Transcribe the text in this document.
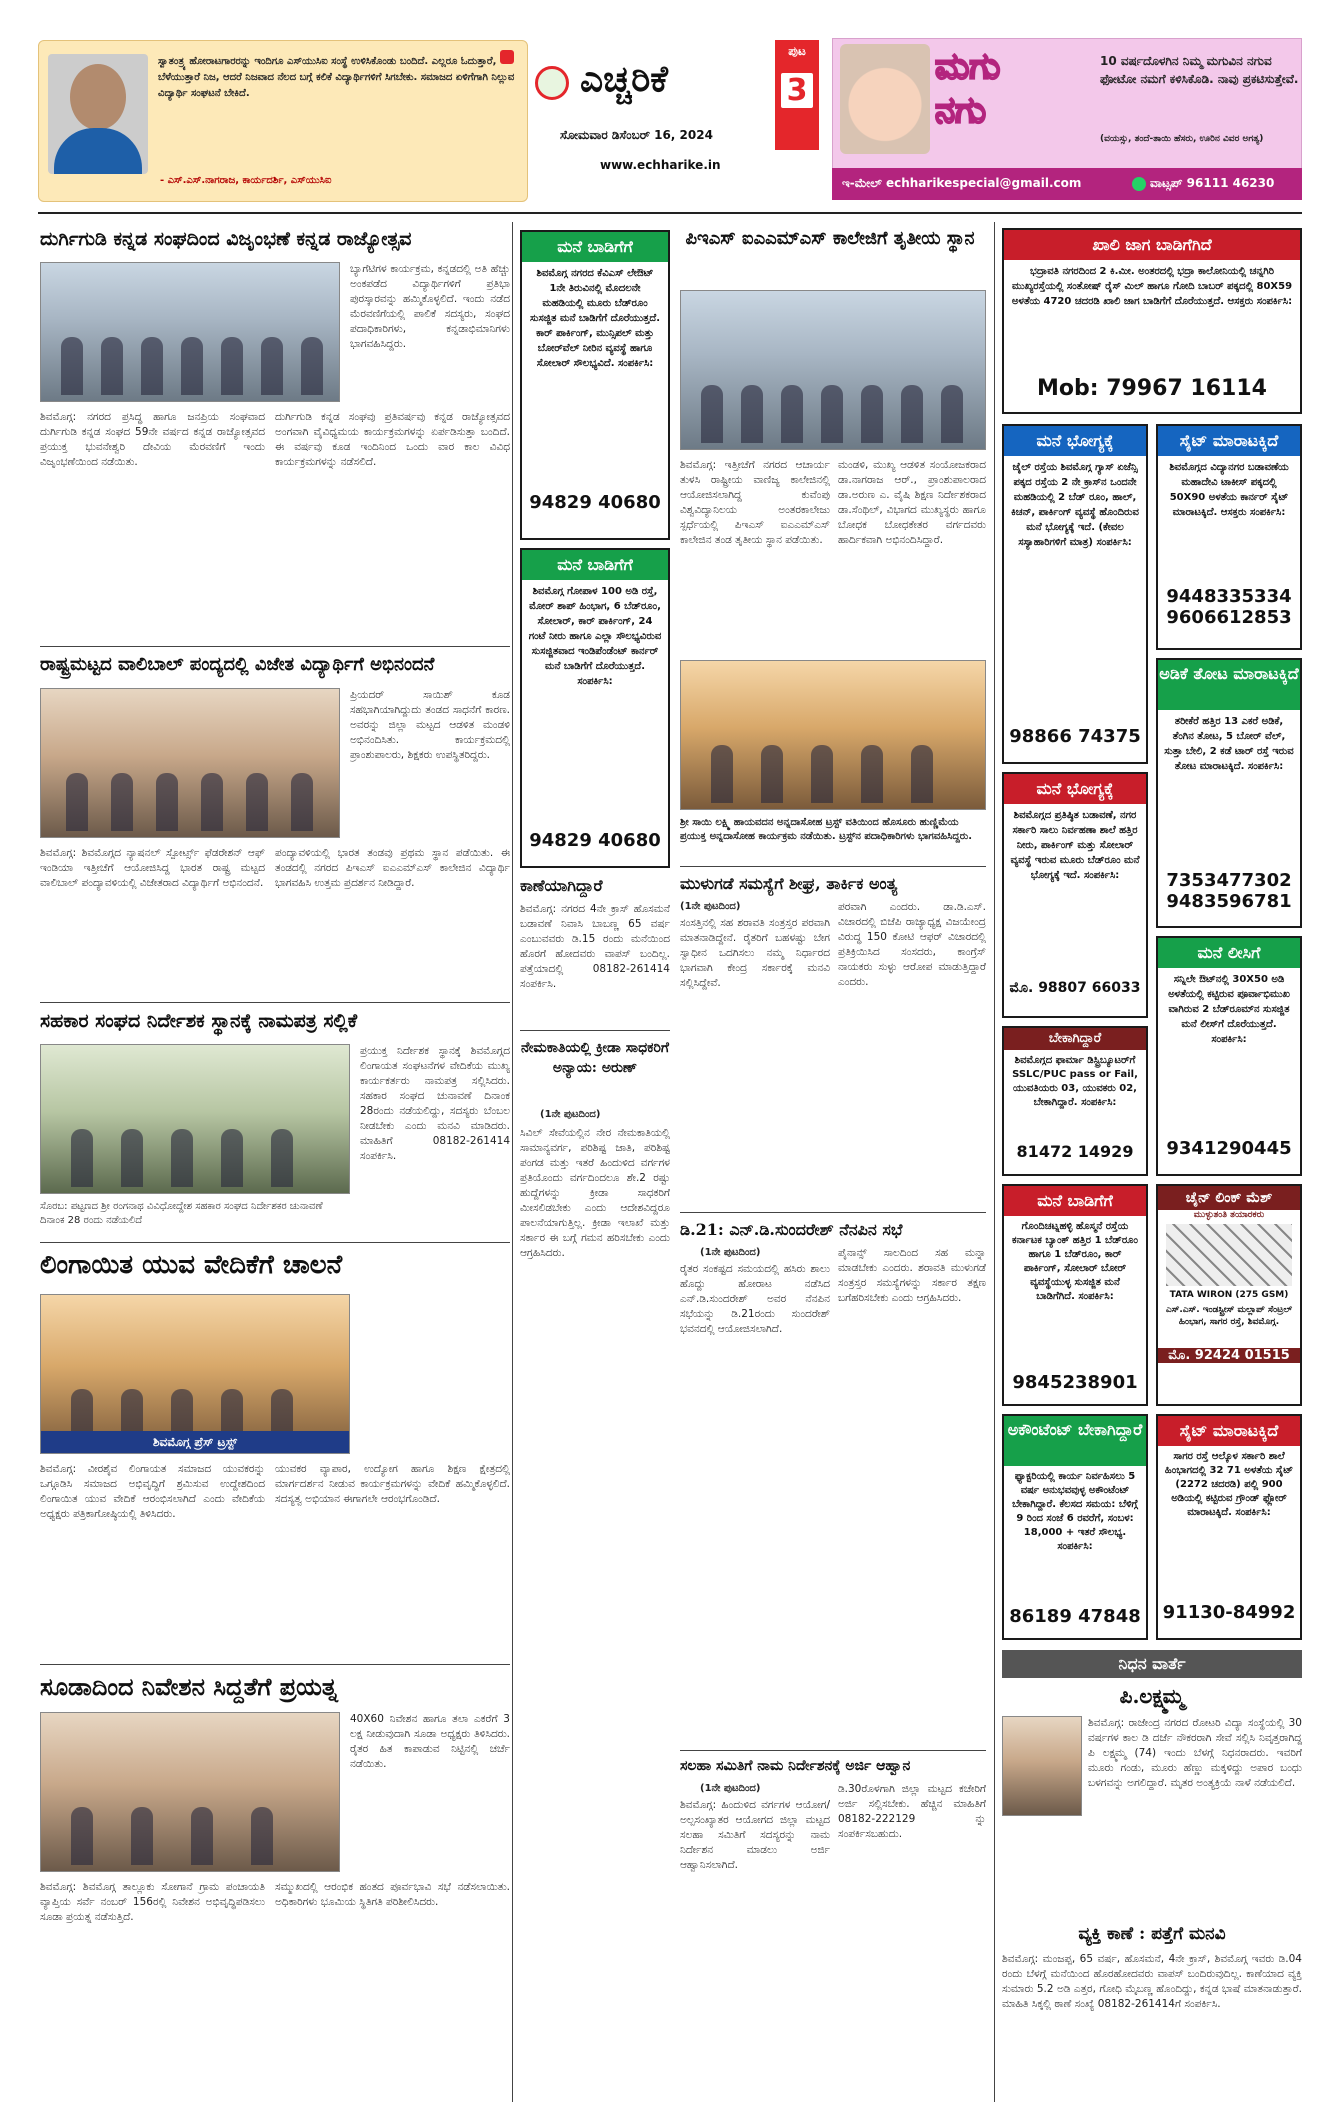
ಸ್ವಾತಂತ್ರ್ಯ ಹೋರಾಟಗಾರರನ್ನು ಇಂದಿಗೂ ಎಸ್‌ಯುಸಿಐ ಸಂಸ್ಥೆ ಉಳಿಸಿಕೊಂಡು ಬಂದಿದೆ. ಎಲ್ಲರೂ ಓದುತ್ತಾರೆ, ಬೆಳೆಯುತ್ತಾರೆ ನಿಜ, ಆದರೆ ನಿಜವಾದ ನೆಲದ ಬಗ್ಗೆ ಕಲಿಕೆ ವಿದ್ಯಾರ್ಥಿಗಳಿಗೆ ಸಿಗಬೇಕು. ಸಮಾಜದ ಏಳಿಗೆಗಾಗಿ ನಿಲ್ಲುವ ವಿದ್ಯಾರ್ಥಿ ಸಂಘಟನೆ ಬೇಕಿದೆ.
- ಎಸ್.ಎಸ್.ನಾಗರಾಜ, ಕಾರ್ಯದರ್ಶಿ, ಎಸ್‌ಯುಸಿಐ
ಎಚ್ಚರಿಕೆ
ಸೋಮವಾರ ಡಿಸೆಂಬರ್ 16, 2024
www.echharike.in
ಪುಟ
3
ಮಗು
ನಗು
10 ವರ್ಷದೊಳಗಿನ ನಿಮ್ಮ ಮಗುವಿನ ನಗುವ ಫೋಟೋ ನಮಗೆ ಕಳಿಸಿಕೊಡಿ. ನಾವು ಪ್ರಕಟಿಸುತ್ತೇವೆ.
(ವಯಸ್ಸು, ತಂದೆ-ತಾಯಿ ಹೆಸರು, ಊರಿನ ವಿವರ ಅಗತ್ಯ)
ಇ-ಮೇಲ್ echharikespecial@gmail.com	ವಾಟ್ಸಪ್ 96111 46230
ದುರ್ಗಿಗುಡಿ ಕನ್ನಡ ಸಂಘದಿಂದ ವಿಜೃಂಭಣೆ ಕನ್ನಡ ರಾಜ್ಯೋತ್ಸವ
ಬ್ಯಾಗೆಟಿಗಳ ಕಾರ್ಯಕ್ರಮ, ಕನ್ನಡದಲ್ಲಿ ಅತಿ ಹೆಚ್ಚು ಅಂಕಪಡೆದ ವಿದ್ಯಾರ್ಥಿಗಳಿಗೆ ಪ್ರತಿಭಾ ಪುರಸ್ಕಾರವನ್ನು ಹಮ್ಮಿಕೊಳ್ಳಲಿದೆ. ಇಂದು ನಡೆದ ಮೆರವಣಿಗೆಯಲ್ಲಿ ಪಾಲಿಕೆ ಸದಸ್ಯರು, ಸಂಘದ ಪದಾಧಿಕಾರಿಗಳು, ಕನ್ನಡಾಭಿಮಾನಿಗಳು ಭಾಗವಹಿಸಿದ್ದರು.
ಶಿವಮೊಗ್ಗ: ನಗರದ ಪ್ರಸಿದ್ಧ ಹಾಗೂ ಜನಪ್ರಿಯ ಸಂಘವಾದ ದುರ್ಗಿಗುಡಿ ಕನ್ನಡ ಸಂಘದ 59ನೇ ವರ್ಷದ ಕನ್ನಡ ರಾಜ್ಯೋತ್ಸವದ ಪ್ರಯುಕ್ತ ಭುವನೇಶ್ವರಿ ದೇವಿಯ ಮೆರವಣಿಗೆ ಇಂದು ವಿಜೃಂಭಣೆಯಿಂದ ನಡೆಯಿತು.
ದುರ್ಗಿಗುಡಿ ಕನ್ನಡ ಸಂಘವು ಪ್ರತಿವರ್ಷವು ಕನ್ನಡ ರಾಜ್ಯೋತ್ಸವದ ಅಂಗವಾಗಿ ವೈವಿಧ್ಯಮಯ ಕಾರ್ಯಕ್ರಮಗಳನ್ನು ಏರ್ಪಡಿಸುತ್ತಾ ಬಂದಿದೆ. ಈ ವರ್ಷವು ಕೂಡ ಇಂದಿನಿಂದ ಒಂದು ವಾರ ಕಾಲ ವಿವಿಧ ಕಾರ್ಯಕ್ರಮಗಳನ್ನು ನಡೆಸಲಿದೆ.
ರಾಷ್ಟ್ರಮಟ್ಟದ ವಾಲಿಬಾಲ್ ಪಂದ್ಯದಲ್ಲಿ ವಿಜೇತ ವಿದ್ಯಾರ್ಥಿಗೆ ಅಭಿನಂದನೆ
ಪ್ರಿಯದರ್ ಸಾಯಿಶ್ ಕೂಡ ಸಹಭಾಗಿಯಾಗಿದ್ದುದು ತಂಡದ ಸಾಧನೆಗೆ ಕಾರಣ. ಅವರನ್ನು ಜಿಲ್ಲಾ ಮಟ್ಟದ ಆಡಳಿತ ಮಂಡಳಿ ಅಭಿನಂದಿಸಿತು. ಕಾರ್ಯಕ್ರಮದಲ್ಲಿ ಪ್ರಾಂಶುಪಾಲರು, ಶಿಕ್ಷಕರು ಉಪಸ್ಥಿತರಿದ್ದರು.
ಶಿವಮೊಗ್ಗ: ಶಿವಮೊಗ್ಗದ ನ್ಯಾಷನಲ್ ಸ್ಪೋರ್ಟ್ಸ್ ಫೆಡರೇಶನ್ ಆಫ್ ಇಂಡಿಯಾ ಇತ್ತೀಚೆಗೆ ಆಯೋಜಿಸಿದ್ದ ಭಾರತ ರಾಷ್ಟ್ರ ಮಟ್ಟದ ವಾಲಿಬಾಲ್ ಪಂದ್ಯಾವಳಿಯಲ್ಲಿ ವಿಜೇತರಾದ ವಿದ್ಯಾರ್ಥಿಗೆ ಅಭಿನಂದನೆ.
ಪಂದ್ಯಾವಳಿಯಲ್ಲಿ ಭಾರತ ತಂಡವು ಪ್ರಥಮ ಸ್ಥಾನ ಪಡೆಯಿತು. ಈ ತಂಡದಲ್ಲಿ ನಗರದ ಪಿಇಎಸ್ ಐಎಎಮ್‌ಎಸ್ ಕಾಲೇಜಿನ ವಿದ್ಯಾರ್ಥಿ ಭಾಗವಹಿಸಿ ಉತ್ತಮ ಪ್ರದರ್ಶನ ನೀಡಿದ್ದಾರೆ.
ಸಹಕಾರ ಸಂಘದ ನಿರ್ದೇಶಕ ಸ್ಥಾನಕ್ಕೆ ನಾಮಪತ್ರ ಸಲ್ಲಿಕೆ
ಪ್ರಯುಕ್ತ ನಿರ್ದೇಶಕ ಸ್ಥಾನಕ್ಕೆ ಶಿವಮೊಗ್ಗದ ಲಿಂಗಾಯತ ಸಂಘಟನೆಗಳ ವೇದಿಕೆಯ ಮುಖ್ಯ ಕಾರ್ಯಕರ್ತರು ನಾಮಪತ್ರ ಸಲ್ಲಿಸಿದರು. ಸಹಕಾರ ಸಂಘದ ಚುನಾವಣೆ ದಿನಾಂಕ 28ರಂದು ನಡೆಯಲಿದ್ದು, ಸದಸ್ಯರು ಬೆಂಬಲ ನೀಡಬೇಕು ಎಂದು ಮನವಿ ಮಾಡಿದರು. ಮಾಹಿತಿಗೆ 08182-261414 ಸಂಪರ್ಕಿಸಿ.
ಸೊರಬ: ಪಟ್ಟಣದ ಶ್ರೀ ರಂಗನಾಥ ವಿವಿಧೋದ್ದೇಶ ಸಹಕಾರ ಸಂಘದ ನಿರ್ದೇಶಕರ ಚುನಾವಣೆ ದಿನಾಂಕ 28 ರಂದು ನಡೆಯಲಿದೆ
ಲಿಂಗಾಯಿತ ಯುವ ವೇದಿಕೆಗೆ ಚಾಲನೆ
ಶಿವಮೊಗ್ಗ ಪ್ರೆಸ್ ಟ್ರಸ್ಟ್
ಶಿವಮೊಗ್ಗ: ವೀರಶೈವ ಲಿಂಗಾಯತ ಸಮಾಜದ ಯುವಕರನ್ನು ಒಗ್ಗೂಡಿಸಿ ಸಮಾಜದ ಅಭಿವೃದ್ಧಿಗೆ ಶ್ರಮಿಸುವ ಉದ್ದೇಶದಿಂದ ಲಿಂಗಾಯಿತ ಯುವ ವೇದಿಕೆ ಆರಂಭಿಸಲಾಗಿದೆ ಎಂದು ವೇದಿಕೆಯ ಅಧ್ಯಕ್ಷರು ಪತ್ರಿಕಾಗೋಷ್ಠಿಯಲ್ಲಿ ತಿಳಿಸಿದರು.
ಯುವಕರ ವ್ಯಾಪಾರ, ಉದ್ಯೋಗ ಹಾಗೂ ಶಿಕ್ಷಣ ಕ್ಷೇತ್ರದಲ್ಲಿ ಮಾರ್ಗದರ್ಶನ ನೀಡುವ ಕಾರ್ಯಕ್ರಮಗಳನ್ನು ವೇದಿಕೆ ಹಮ್ಮಿಕೊಳ್ಳಲಿದೆ. ಸದಸ್ಯತ್ವ ಅಭಿಯಾನ ಈಗಾಗಲೇ ಆರಂಭಗೊಂಡಿದೆ.
ಸೂಡಾದಿಂದ ನಿವೇಶನ ಸಿದ್ದತೆಗೆ ಪ್ರಯತ್ನ
40X60 ನಿವೇಶನ ಹಾಗೂ ತಲಾ ಎಕರೆಗೆ 3 ಲಕ್ಷ ನೀಡುವುದಾಗಿ ಸೂಡಾ ಅಧ್ಯಕ್ಷರು ತಿಳಿಸಿದರು. ರೈತರ ಹಿತ ಕಾಪಾಡುವ ನಿಟ್ಟಿನಲ್ಲಿ ಚರ್ಚೆ ನಡೆಯಿತು.
ಶಿವಮೊಗ್ಗ: ಶಿವಮೊಗ್ಗ ತಾಲ್ಲೂಕು ಸೋಗಾನೆ ಗ್ರಾಮ ಪಂಚಾಯತಿ ವ್ಯಾಪ್ತಿಯ ಸರ್ವೆ ನಂಬರ್ 156ರಲ್ಲಿ ನಿವೇಶನ ಅಭಿವೃದ್ಧಿಪಡಿಸಲು ಸೂಡಾ ಪ್ರಯತ್ನ ನಡೆಸುತ್ತಿದೆ.
ಸಮ್ಮುಖದಲ್ಲಿ ಆರಂಭಿಕ ಹಂತದ ಪೂರ್ವಭಾವಿ ಸಭೆ ನಡೆಸಲಾಯಿತು. ಅಧಿಕಾರಿಗಳು ಭೂಮಿಯ ಸ್ಥಿತಿಗತಿ ಪರಿಶೀಲಿಸಿದರು.
ಮನೆ ಬಾಡಿಗೆಗೆ
ಶಿವಮೊಗ್ಗ ನಗರದ ಕೆವಿಎಸ್ ಲೇಔಟ್ 1ನೇ ತಿರುವಿನಲ್ಲಿ ಮೊದಲನೇ ಮಹಡಿಯಲ್ಲಿ ಮೂರು ಬೆಡ್‌ರೂಂ ಸುಸಜ್ಜಿತ ಮನೆ ಬಾಡಿಗೆಗೆ ದೊರೆಯುತ್ತದೆ. ಕಾರ್ ಪಾರ್ಕಿಂಗ್, ಮುನ್ಸಿಪಲ್ ಮತ್ತು ಬೋರ್‌ವೆಲ್ ನೀರಿನ ವ್ಯವಸ್ಥೆ ಹಾಗೂ ಸೋಲಾರ್ ಸೌಲಭ್ಯವಿದೆ. ಸಂಪರ್ಕಿಸಿ:
94829 40680
ಮನೆ ಬಾಡಿಗೆಗೆ
ಶಿವಮೊಗ್ಗ ಗೋಪಾಳ 100 ಅಡಿ ರಸ್ತೆ, ಮೋರ್ ಶಾಪ್ ಹಿಂಭಾಗ, 6 ಬೆಡ್‌ರೂಂ, ಸೋಲಾರ್, ಕಾರ್ ಪಾರ್ಕಿಂಗ್, 24 ಗಂಟೆ ನೀರು ಹಾಗೂ ಎಲ್ಲಾ ಸೌಲಭ್ಯವಿರುವ ಸುಸಜ್ಜಿತವಾದ ಇಂಡಿಪೆಂಡೆಂಟ್ ಕಾರ್ನರ್ ಮನೆ ಬಾಡಿಗೆಗೆ ದೊರೆಯುತ್ತದೆ. ಸಂಪರ್ಕಿಸಿ:
94829 40680
ಕಾಣೆಯಾಗಿದ್ದಾರೆ
ಶಿವಮೊಗ್ಗ: ನಗರದ 4ನೇ ಕ್ರಾಸ್ ಹೊಸಮನೆ ಬಡಾವಣೆ ನಿವಾಸಿ ಬಾಬಣ್ಣ 65 ವರ್ಷ ಎಂಬುವವರು ಡಿ.15 ರಂದು ಮನೆಯಿಂದ ಹೊರಗೆ ಹೋದವರು ವಾಪಸ್ ಬಂದಿಲ್ಲ. ಪತ್ತೆಯಾದಲ್ಲಿ 08182-261414 ಸಂಪರ್ಕಿಸಿ.
ಪಿಇಎಸ್ ಐಎಎಮ್‌ಎಸ್ ಕಾಲೇಜಿಗೆ ತೃತೀಯ ಸ್ಥಾನ
ಶಿವಮೊಗ್ಗ: ಇತ್ತೀಚೆಗೆ ನಗರದ ಆಚಾರ್ಯ ತುಳಸಿ ರಾಷ್ಟ್ರೀಯ ವಾಣಿಜ್ಯ ಕಾಲೇಜಿನಲ್ಲಿ ಆಯೋಜಿಸಲಾಗಿದ್ದ ಕುವೆಂಪು ವಿಶ್ವವಿದ್ಯಾನಿಲಯ ಅಂತರಕಾಲೇಜು ಸ್ಪರ್ಧೆಯಲ್ಲಿ ಪಿಇಎಸ್ ಐಎಎಮ್‌ಎಸ್ ಕಾಲೇಜಿನ ತಂಡ ತೃತೀಯ ಸ್ಥಾನ ಪಡೆಯಿತು.
ಮಂಡಳಿ, ಮುಖ್ಯ ಆಡಳಿತ ಸಂಯೋಜಕರಾದ ಡಾ.ನಾಗರಾಜ ಆರ್., ಪ್ರಾಂಶುಪಾಲರಾದ ಡಾ.ಅರುಣ ಎ. ವೈಷಿ ಶಿಕ್ಷಣ ನಿರ್ದೇಶಕರಾದ ಡಾ.ಸೆಂಥಿಲ್, ವಿಭಾಗದ ಮುಖ್ಯಸ್ಥರು ಹಾಗೂ ಬೋಧಕ ಬೋಧಕೇತರ ವರ್ಗದವರು ಹಾರ್ದಿಕವಾಗಿ ಅಭಿನಂದಿಸಿದ್ದಾರೆ.
ಶ್ರೀ ಸಾಯಿ ಲಕ್ಷ್ಮಿ ಹಾಯವದನ ಅನ್ನದಾಸೋಹ ಟ್ರಸ್ಟ್ ವತಿಯಿಂದ ಹೊಸೂರು ಹುಣ್ಣಿಮೆಯ ಪ್ರಯುಕ್ತ ಅನ್ನದಾಸೋಹ ಕಾರ್ಯಕ್ರಮ ನಡೆಯಿತು. ಟ್ರಸ್ಟ್‌ನ ಪದಾಧಿಕಾರಿಗಳು ಭಾಗವಹಿಸಿದ್ದರು.
ಮುಳುಗಡೆ ಸಮಸ್ಯೆಗೆ ಶೀಘ್ರ, ತಾರ್ಕಿಕ ಅಂತ್ಯ
(1ನೇ ಪುಟದಿಂದ)
ಸಂಸತ್ತಿನಲ್ಲಿ ಸಹ ಶರಾವತಿ ಸಂತ್ರಸ್ತರ ಪರವಾಗಿ ಮಾತನಾಡಿದ್ದೇನೆ. ರೈತರಿಗೆ ಬಹಳಷ್ಟು ಬೇಗ ಸ್ವಾಧೀನ ಒದಗಿಸಲು ನಮ್ಮ ನಿರ್ಧಾರದ ಭಾಗವಾಗಿ ಕೇಂದ್ರ ಸರ್ಕಾರಕ್ಕೆ ಮನವಿ ಸಲ್ಲಿಸಿದ್ದೇವೆ.
ಪರವಾಗಿ ಎಂದರು. ಡಾ.ಡಿ.ಎಸ್. ವಿಚಾರದಲ್ಲಿ ಬಿಜೆಪಿ ರಾಜ್ಯಾಧ್ಯಕ್ಷ ವಿಜಯೇಂದ್ರ ವಿರುದ್ಧ 150 ಕೋಟಿ ಆಫರ್ ವಿಚಾರದಲ್ಲಿ ಪ್ರತಿಕ್ರಿಯಿಸಿದ ಸಂಸದರು, ಕಾಂಗ್ರೆಸ್ ನಾಯಕರು ಸುಳ್ಳು ಆರೋಪ ಮಾಡುತ್ತಿದ್ದಾರೆ ಎಂದರು.
ನೇಮಕಾತಿಯಲ್ಲಿ ಕ್ರೀಡಾ ಸಾಧಕರಿಗೆ ಅನ್ಯಾಯ: ಅರುಣ್
(1ನೇ ಪುಟದಿಂದ)
ಸಿವಿಲ್ ಸೇವೆಯಲ್ಲಿನ ನೇರ ನೇಮಕಾತಿಯಲ್ಲಿ ಸಾಮಾನ್ಯವರ್ಗ, ಪರಿಶಿಷ್ಟ ಜಾತಿ, ಪರಿಶಿಷ್ಟ ಪಂಗಡ ಮತ್ತು ಇತರೆ ಹಿಂದುಳಿದ ವರ್ಗಗಳ ಪ್ರತಿಯೊಂದು ವರ್ಗದಿಂದಲೂ ಶೇ.2 ರಷ್ಟು ಹುದ್ದೆಗಳನ್ನು ಕ್ರೀಡಾ ಸಾಧಕರಿಗೆ ಮೀಸಲಿಡಬೇಕು ಎಂದು ಆದೇಶವಿದ್ದರೂ ಪಾಲನೆಯಾಗುತ್ತಿಲ್ಲ. ಕ್ರೀಡಾ ಇಲಾಖೆ ಮತ್ತು ಸರ್ಕಾರ ಈ ಬಗ್ಗೆ ಗಮನ ಹರಿಸಬೇಕು ಎಂದು ಆಗ್ರಹಿಸಿದರು.
ಡಿ.21: ಎನ್.ಡಿ.ಸುಂದರೇಶ್ ನೆನಪಿನ ಸಭೆ
(1ನೇ ಪುಟದಿಂದ)
ರೈತರ ಸಂಕಷ್ಟದ ಸಮಯದಲ್ಲಿ ಹಸಿರು ಶಾಲು ಹೊದ್ದು ಹೋರಾಟ ನಡೆಸಿದ ಎನ್.ಡಿ.ಸುಂದರೇಶ್ ಅವರ ನೆನಪಿನ ಸಭೆಯನ್ನು ಡಿ.21ರಂದು ಸುಂದರೇಶ್ ಭವನದಲ್ಲಿ ಆಯೋಜಿಸಲಾಗಿದೆ.
ಪೈನಾನ್ಸ್ ಸಾಲದಿಂದ ಸಹ ಮನ್ನಾ ಮಾಡಬೇಕು ಎಂದರು. ಶರಾವತಿ ಮುಳುಗಡೆ ಸಂತ್ರಸ್ತರ ಸಮಸ್ಯೆಗಳನ್ನು ಸರ್ಕಾರ ತಕ್ಷಣ ಬಗೆಹರಿಸಬೇಕು ಎಂದು ಆಗ್ರಹಿಸಿದರು.
ಸಲಹಾ ಸಮಿತಿಗೆ ನಾಮ ನಿರ್ದೇಶನಕ್ಕೆ ಅರ್ಜಿ ಆಹ್ವಾನ
(1ನೇ ಪುಟದಿಂದ)
ಶಿವಮೊಗ್ಗ: ಹಿಂದುಳಿದ ವರ್ಗಗಳ ಆಯೋಗ/ಅಲ್ಪಸಂಖ್ಯಾತರ ಆಯೋಗದ ಜಿಲ್ಲಾ ಮಟ್ಟದ ಸಲಹಾ ಸಮಿತಿಗೆ ಸದಸ್ಯರನ್ನು ನಾಮ ನಿರ್ದೇಶನ ಮಾಡಲು ಅರ್ಜಿ ಆಹ್ವಾನಿಸಲಾಗಿದೆ.
ಡಿ.30ರೊಳಗಾಗಿ ಜಿಲ್ಲಾ ಮಟ್ಟದ ಕಚೇರಿಗೆ ಅರ್ಜಿ ಸಲ್ಲಿಸಬೇಕು. ಹೆಚ್ಚಿನ ಮಾಹಿತಿಗೆ 08182-222129 ನ್ನು ಸಂಪರ್ಕಿಸಬಹುದು.
ಖಾಲಿ ಜಾಗ ಬಾಡಿಗೆಗಿದೆ
ಭದ್ರಾವತಿ ನಗರದಿಂದ 2 ಕಿ.ಮೀ. ಅಂತರದಲ್ಲಿ ಭದ್ರಾ ಕಾಲೋನಿಯಲ್ಲಿ ಚನ್ನಗಿರಿ ಮುಖ್ಯರಸ್ತೆಯಲ್ಲಿ ಸಂತೋಷ್ ರೈಸ್ ಮಿಲ್ ಹಾಗೂ ಗೋದಿ ಬಾಬರ್ ಪಕ್ಕದಲ್ಲಿ 80X59 ಅಳತೆಯ 4720 ಚದರಡಿ ಖಾಲಿ ಜಾಗ ಬಾಡಿಗೆಗೆ ದೊರೆಯುತ್ತದೆ. ಆಸಕ್ತರು ಸಂಪರ್ಕಿಸಿ:
Mob: 79967 16114
ಮನೆ ಭೋಗ್ಯಕ್ಕೆ
ಜೈಲ್ ರಸ್ತೆಯ ಶಿವಮೊಗ್ಗ ಗ್ಯಾಸ್ ಏಜೆನ್ಸಿ ಪಕ್ಕದ ರಸ್ತೆಯ 2 ನೇ ಕ್ರಾಸ್‌ನ ಒಂದನೇ ಮಹಡಿಯಲ್ಲಿ 2 ಬೆಡ್ ರೂಂ, ಹಾಲ್, ಕಿಚನ್, ಪಾರ್ಕಿಂಗ್ ವ್ಯವಸ್ಥೆ ಹೊಂದಿರುವ ಮನೆ ಭೋಗ್ಯಕ್ಕೆ ಇದೆ. (ಕೇವಲ ಸಸ್ಯಾಹಾರಿಗಳಿಗೆ ಮಾತ್ರ) ಸಂಪರ್ಕಿಸಿ:
98866 74375
ಸೈಟ್ ಮಾರಾಟಕ್ಕಿದೆ
ಶಿವಮೊಗ್ಗದ ವಿದ್ಯಾನಗರ ಬಡಾವಣೆಯ ಮಹಾದೇವಿ ಟಾಕೀಸ್ ಪಕ್ಕದಲ್ಲಿ 50X90 ಅಳತೆಯ ಕಾರ್ನರ್ ಸೈಟ್ ಮಾರಾಟಕ್ಕಿದೆ. ಆಸಕ್ತರು ಸಂಪರ್ಕಿಸಿ:
9448335334
9606612853
ಅಡಿಕೆ ತೋಟ ಮಾರಾಟಕ್ಕಿದೆ
ತರೀಕೆರೆ ಹತ್ತಿರ 13 ಎಕರೆ ಅಡಿಕೆ, ತೆಂಗಿನ ತೋಟ, 5 ಬೋರ್ ವೆಲ್, ಸುತ್ತಾ ಬೇಲಿ, 2 ಕಡೆ ಟಾರ್ ರಸ್ತೆ ಇರುವ ತೋಟ ಮಾರಾಟಕ್ಕಿದೆ. ಸಂಪರ್ಕಿಸಿ:
7353477302
9483596781
ಮನೆ ಭೋಗ್ಯಕ್ಕೆ
ಶಿವಮೊಗ್ಗದ ಪ್ರತಿಷ್ಠಿತ ಬಡಾವಣೆ, ನಗರ ಸರ್ಕಾರಿ ಸಾಲು ನಿರ್ವಹಣಾ ಶಾಲೆ ಹತ್ತಿರ ನೀರು, ಪಾರ್ಕಿಂಗ್ ಮತ್ತು ಸೋಲಾರ್ ವ್ಯವಸ್ಥೆ ಇರುವ ಮೂರು ಬೆಡ್‌ರೂಂ ಮನೆ ಭೋಗ್ಯಕ್ಕೆ ಇದೆ. ಸಂಪರ್ಕಿಸಿ:
ಮೊ. 98807 66033
ಮನೆ ಲೀಸಿಗೆ
ಸನ್ನಿಲೇ ಔಟ್‌ನಲ್ಲಿ 30X50 ಅಡಿ ಅಳತೆಯಲ್ಲಿ ಕಟ್ಟಿರುವ ಪೂರ್ವಾಭಿಮುಖ ವಾಗಿರುವ 2 ಬೆಡ್‌ರೂಮ್‌ನ ಸುಸಜ್ಜಿತ ಮನೆ ಲೀಸ್‌ಗೆ ದೊರೆಯುತ್ತದೆ. ಸಂಪರ್ಕಿಸಿ:
9341290445
ಬೇಕಾಗಿದ್ದಾರೆ
ಶಿವಮೊಗ್ಗದ ಫಾರ್ಮಾ ಡಿಸ್ಟ್ರಿಬ್ಯೂಟರ್‌ಗೆ SSLC/PUC pass or Fail, ಯುವತಿಯರು 03, ಯುವಕರು 02, ಬೇಕಾಗಿದ್ದಾರೆ. ಸಂಪರ್ಕಿಸಿ:
81472 14929
ಮನೆ ಬಾಡಿಗೆಗೆ
ಗೊಂದಿಚಟ್ನಹಳ್ಳಿ ಹೊಸ್ಮನೆ ರಸ್ತೆಯ ಕರ್ನಾಟಕ ಬ್ಯಾಂಕ್ ಹತ್ತಿರ 1 ಬೆಡ್‌ರೂಂ ಹಾಗೂ 1 ಬೆಡ್‌ರೂಂ, ಕಾರ್ ಪಾರ್ಕಿಂಗ್, ಸೋಲಾರ್ ಬೋರ್ ವ್ಯವಸ್ಥೆಯುಳ್ಳ ಸುಸಜ್ಜಿತ ಮನೆ ಬಾಡಿಗೆಗಿದೆ. ಸಂಪರ್ಕಿಸಿ:
9845238901
ಚೈನ್ ಲಿಂಕ್ ಮೆಶ್
ಮುಳ್ಳುತಂತಿ ತಯಾರಕರು
TATA WIRON (275 GSM)
ಎಸ್.ಎಸ್. ಇಂಡಸ್ಟ್ರೀಸ್ ಮಲ್ಲಾಪ್ ಸೆಂಟ್ರಲ್ ಹಿಂಭಾಗ, ಸಾಗರ ರಸ್ತೆ, ಶಿವಮೊಗ್ಗ.
ಮೊ. 92424 01515
ಅಕೌಂಟೆಂಟ್ ಬೇಕಾಗಿದ್ದಾರೆ
ಫ್ಯಾಕ್ಟರಿಯಲ್ಲಿ ಕಾರ್ಯ ನಿರ್ವಹಿಸಲು 5 ವರ್ಷ ಅನುಭವವುಳ್ಳ ಅಕೌಂಟೆಂಟ್ ಬೇಕಾಗಿದ್ದಾರೆ. ಕೆಲಸದ ಸಮಯ: ಬೆಳಿಗ್ಗೆ 9 ರಿಂದ ಸಂಜೆ 6 ರವರೆಗೆ, ಸಂಬಳ: 18,000 + ಇತರೆ ಸೌಲಭ್ಯ. ಸಂಪರ್ಕಿಸಿ:
86189 47848
ಸೈಟ್ ಮಾರಾಟಕ್ಕಿದೆ
ಸಾಗರ ರಸ್ತೆ ಆಲ್ಕೊಳ ಸರ್ಕಾರಿ ಶಾಲೆ ಹಿಂಭಾಗದಲ್ಲಿ 32 71 ಅಳತೆಯ ಸೈಟ್ (2272 ಚದರಡಿ) ಪಲ್ಲಿ 900 ಅಡಿಯಲ್ಲಿ ಕಟ್ಟಿರುವ ಗ್ರೌಂಡ್ ಫ್ಲೋರ್ ಮಾರಾಟಕ್ಕಿದೆ. ಸಂಪರ್ಕಿಸಿ:
91130-84992
ನಿಧನ ವಾರ್ತೆ
ಪಿ.ಲಕ್ಷ್ಮಮ್ಮ
ಶಿವಮೊಗ್ಗ: ರಾಜೇಂದ್ರ ನಗರದ ರೋಟರಿ ವಿದ್ಯಾ ಸಂಸ್ಥೆಯಲ್ಲಿ 30 ವರ್ಷಗಳ ಕಾಲ ಡಿ ದರ್ಜೆ ನೌಕರರಾಗಿ ಸೇವೆ ಸಲ್ಲಿಸಿ ನಿವೃತ್ತರಾಗಿದ್ದ ಪಿ ಲಕ್ಷ್ಮಮ್ಮ (74) ಇಂದು ಬೆಳಗ್ಗೆ ನಿಧನರಾದರು. ಇವರಿಗೆ ಮೂರು ಗಂಡು, ಮೂರು ಹೆಣ್ಣು ಮಕ್ಕಳಿದ್ದು ಅಪಾರ ಬಂಧು ಬಳಗವನ್ನು ಅಗಲಿದ್ದಾರೆ. ಮೃತರ ಅಂತ್ಯಕ್ರಿಯೆ ನಾಳೆ ನಡೆಯಲಿದೆ.
ವ್ಯಕ್ತಿ ಕಾಣೆ : ಪತ್ತೆಗೆ ಮನವಿ
ಶಿವಮೊಗ್ಗ: ಮಂಜಪ್ಪ, 65 ವರ್ಷ, ಹೊಸಮನೆ, 4ನೇ ಕ್ರಾಸ್, ಶಿವಮೊಗ್ಗ ಇವರು ಡಿ.04 ರಂದು ಬೆಳಗ್ಗೆ ಮನೆಯಿಂದ ಹೊರಹೋದವರು ವಾಪಸ್ ಬಂದಿರುವುದಿಲ್ಲ. ಕಾಣೆಯಾದ ವ್ಯಕ್ತಿ ಸುಮಾರು 5.2 ಅಡಿ ಎತ್ತರ, ಗೋಧಿ ಮೈಬಣ್ಣ ಹೊಂದಿದ್ದು, ಕನ್ನಡ ಭಾಷೆ ಮಾತನಾಡುತ್ತಾರೆ. ಮಾಹಿತಿ ಸಿಕ್ಕಲ್ಲಿ ಠಾಣೆ ಸಂಖ್ಯೆ 08182-261414ಗೆ ಸಂಪರ್ಕಿಸಿ.
